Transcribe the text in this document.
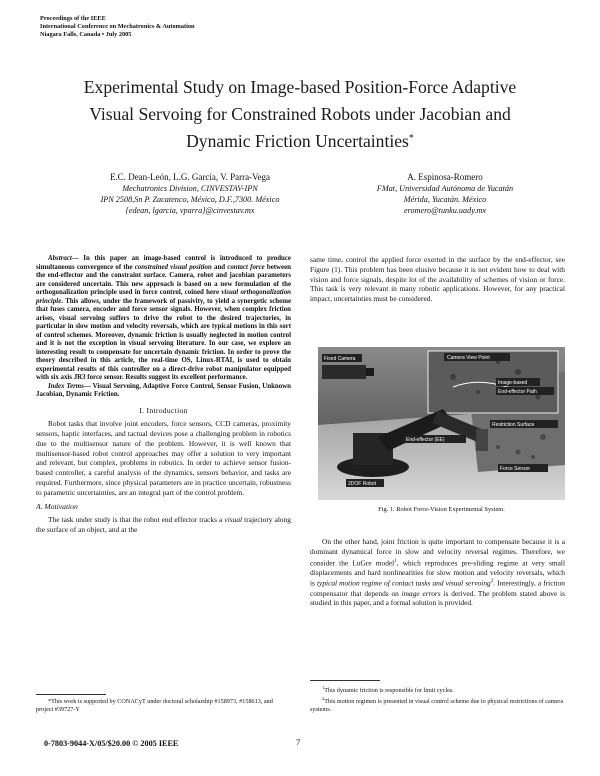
Proceedings of the IEEE
International Conference on Mechatronics & Automation
Niagara Falls, Canada • July 2005
Experimental Study on Image-based Position-Force Adaptive
Visual Servoing for Constrained Robots under Jacobian and
Dynamic Friction Uncertainties*
E.C. Dean-León, L.G. García, V. Parra-Vega
Mechatronics Division, CINVESTAV-IPN
IPN 2508,Sn P. Zacatenco, México, D.F.,7300. México
{edean, lgarcia, vparra}@cinvestav.mx
A. Espinosa-Romero
FMat, Universidad Autónoma de Yucatán
Mérida, Yucatán. México
eromero@tunku.uady.mx

Abstract— In this paper an image-based control is introduced to produce simultaneous convergence of the constrained visual position and contact force between the end-effector and the constraint surface. Camera, robot and jacobian parameters are considered uncertain. This new approach is based on a new formulation of the orthogonalization principle used in force control, coined here visual orthogonalization principle. This allows, under the framework of passivity, to yield a synergetic scheme that fuses camera, encoder and force sensor signals. However, when complex friction arises, visual servoing suffers to drive the robot to the desired trajectories, in particular in slow motion and velocity reversals, which are typical motions in this sort of control schemes. Moreover, dynamic friction is usually neglected in motion control and it is not the exception in visual servoing literature. In our case, we explore an interesting result to compensate for uncertain dynamic friction. In order to prove the theory described in this article, the real-time OS, Linux-RTAI, is used to obtain experimental results of this controller on a direct-drive robot manipulator equipped with six axis JR3 force sensor. Results suggest its excellent performance.

Index Terms— Visual Servoing, Adaptive Force Control, Sensor Fusion, Unknown Jacobian, Dynamic Friction.

I. Introduction

Robot tasks that involve joint encoders, force sensors, CCD cameras, proximity sensors, haptic interfaces, and tactual devices pose a challenging problem in robotics due to the multisensor nature of the problem. However, it is well known that multisensor-based robot control approaches may offer a solution to very important and relevant, but complex, problems in robotics. In order to achieve sensor fusion-based controller, a careful analysis of the dynamics, sensors behavior, and tasks are required. Furthermore, since physical parameters are in practice uncertain, robustness to parametric uncertainties, are an integral part of the control problem.

A. Motivation

The task under study is that the robot end effector tracks a visual trajectory along the surface of an object, and at the

*This work is supported by CONACyT under doctoral scholarship #158973, #158613, and project #39727-Y

same time, control the applied force exerted in the surface by the end-effector, see Figure (1). This problem has been elusive because it is not evident how to deal with vision and force signals, despite lot of the availability of schemes of vision or force. This task is very relevant in many robotic applications. However, for any practical impact, uncertainties must be considered.

Camera View Point
Fixed Camera
Image-based
End-effector Path
End-effector (EE)
Restriction Surface
Force Sensor
2DOF Robot
Fig. 1. Robot Force-Vision Experimental System.

On the other hand, joint friction is quite important to compensate because it is a dominant dynamical force in slow and velocity reversal regimes. Therefore, we consider the LuGre model$^1$, which reproduces pre-sliding regime at very small displacements and hard nonlinearities for slow motion and velocity reversals, which is typical motion regime of contact tasks and visual servoing$^2$. Interestingly, a friction compensator that depends on image errors is derived. The problem stated above is studied in this paper, and a formal solution is provided.

$^1$This dynamic friction is responsible for limit cycles.
$^2$This motion regimen is presented in visual control scheme due to physical restrictions of camera systems.
0-7803-9044-X/05/$20.00 © 2005 IEEE	7
